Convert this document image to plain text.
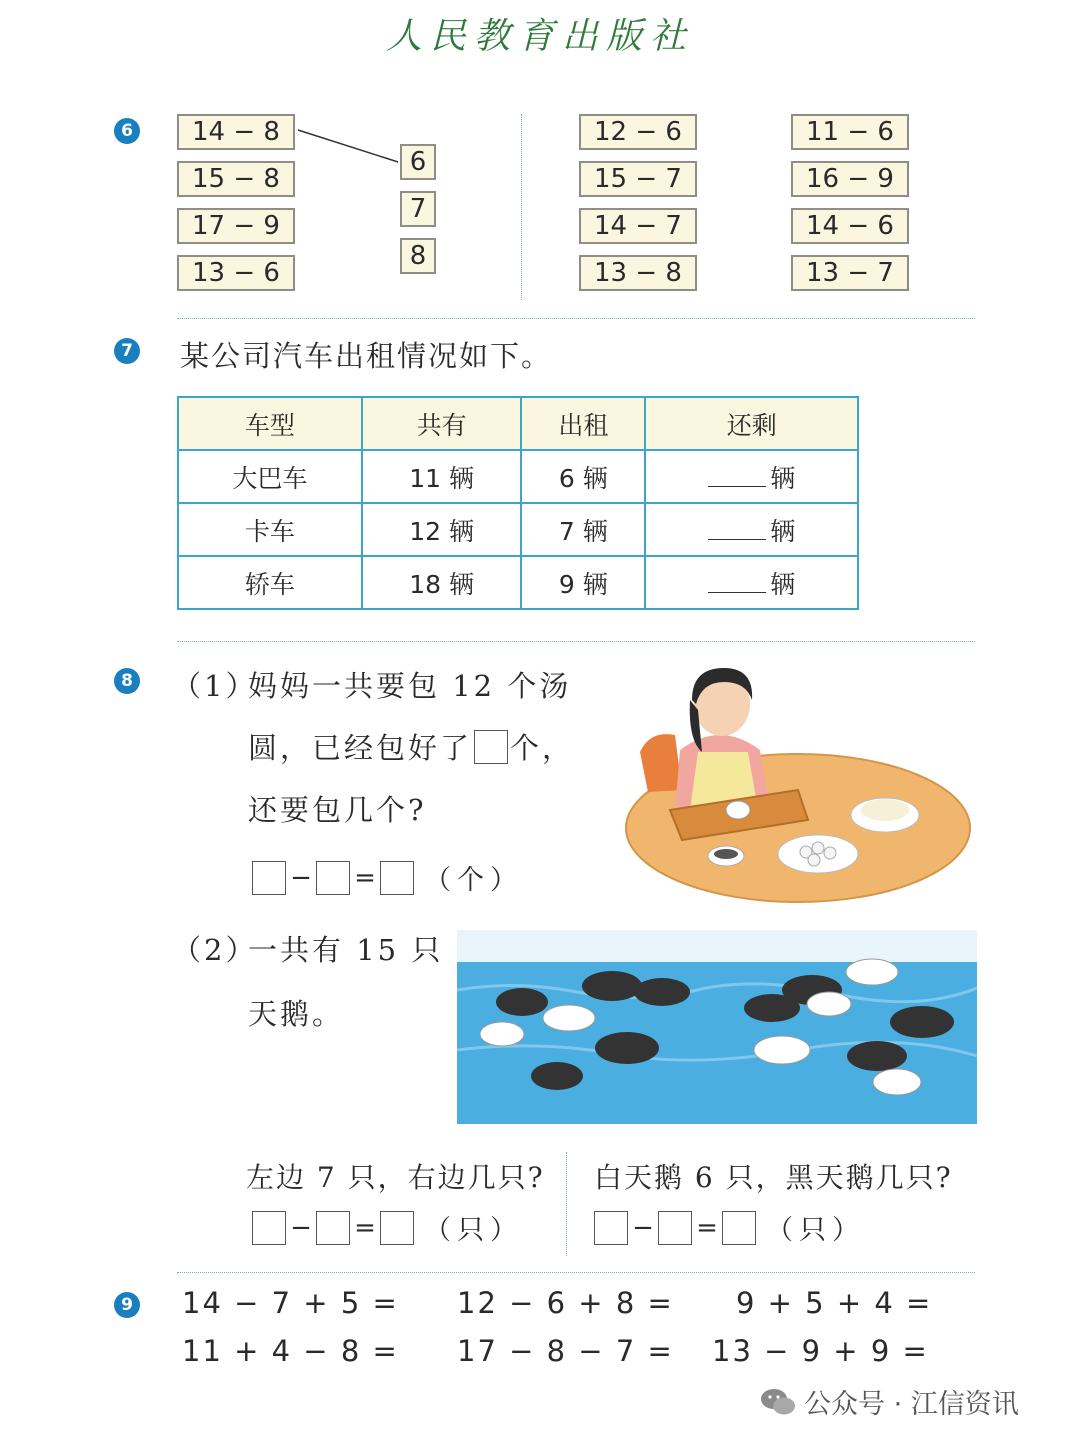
人民教育出版社
6	14 − 8
15 − 8
17 − 9
13 − 6
6
7
8
12 − 6
15 − 7
14 − 7
13 − 8
11 − 6
16 − 9
14 − 6
13 − 7
7 某公司汽车出租情况如下。
车型	共有	出租	还剩
大巴车	11 辆	6 辆	辆
卡车	12 辆	7 辆	辆
轿车	18 辆	9 辆	辆
8 （1）
妈妈一共要包 12 个汤
圆，已经包好了 个，
还要包几个?
− = （个）
（2）
一共有 15 只
天鹅。
左边 7 只，右边几只? 白天鹅 6 只，黑天鹅几只?
− = （只）	− = （只）
9 14 − 7 + 5 = 12 − 6 + 8 = 9 + 5 + 4 =
11 + 4 − 8 = 17 − 8 − 7 = 13 − 9 + 9 =
公众号 · 江信资讯
